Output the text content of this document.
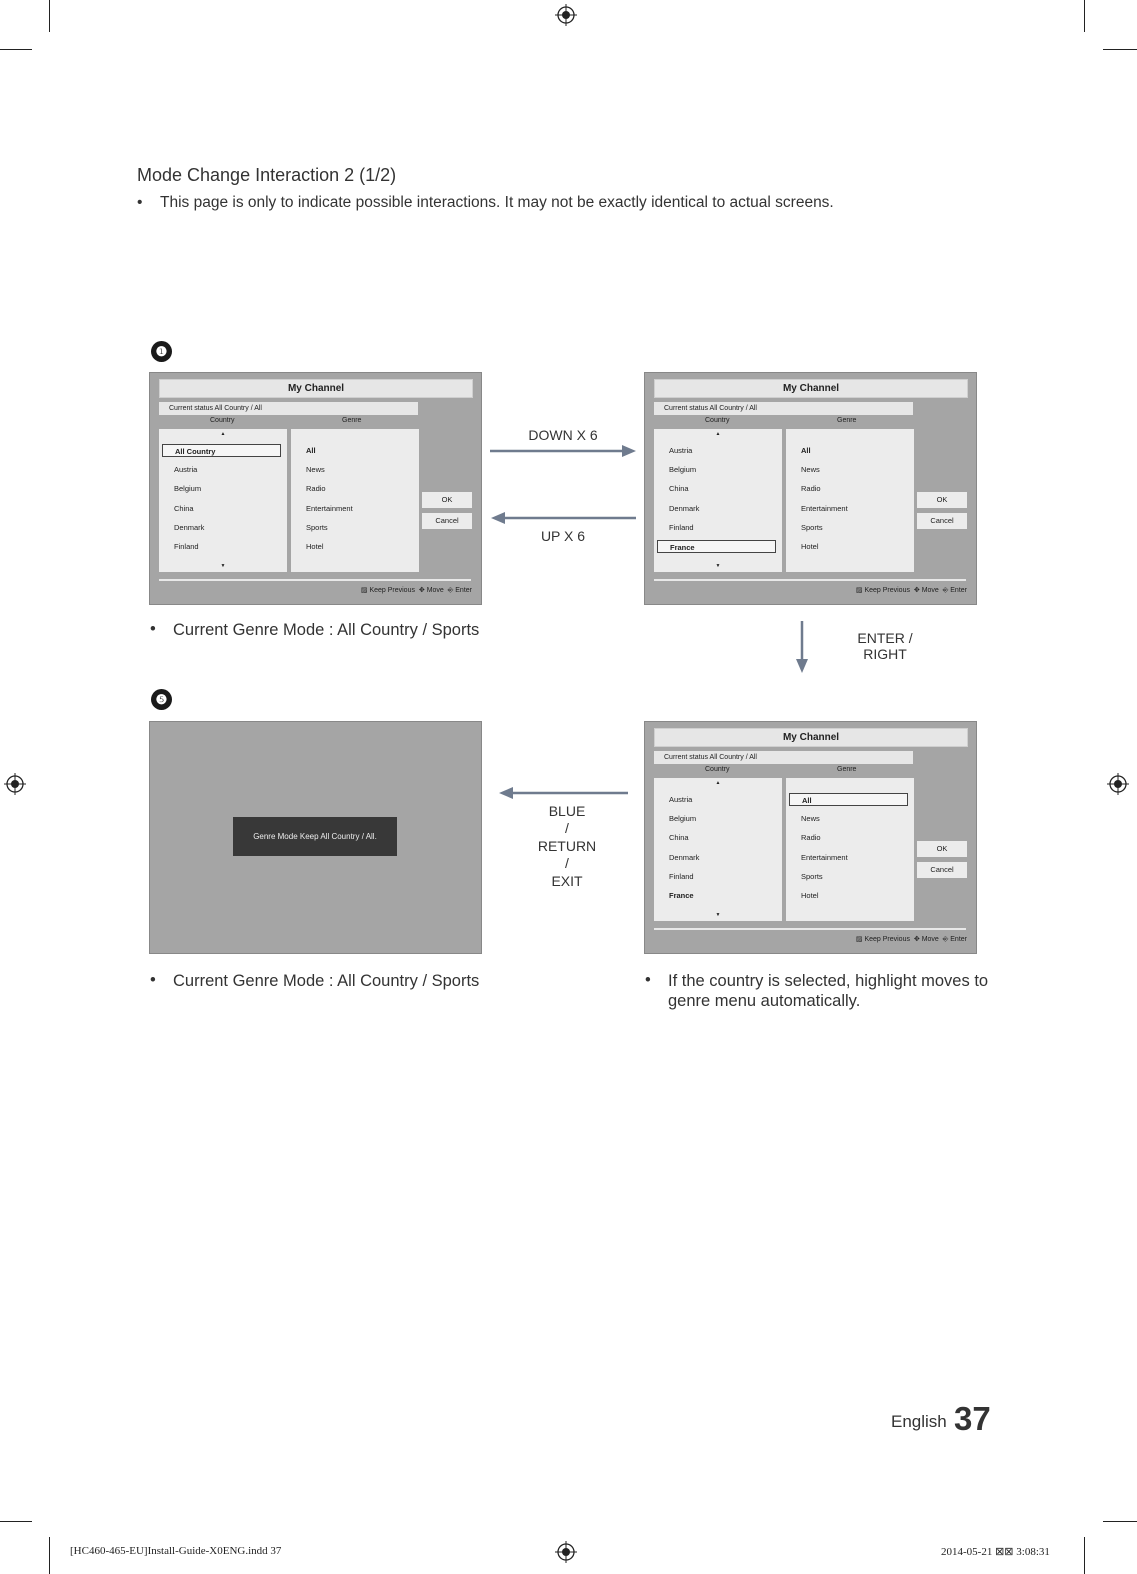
Mode Change Interaction 2 (1/2)
• This page is only to indicate possible interactions. It may not be exactly identical to actual screens.
❶
❺
My Channel
Current status All Country / All
Country	Genre
▲
All Country
Austria
Belgium
China
Denmark
Finland
▼
All
News
Radio
Entertainment
Sports
Hotel
OK
Cancel
▨ Keep Previous ✥ Move ⎆ Enter
My Channel
Current status All Country / All
Country	Genre
▲
Austria
Belgium
China
Denmark
Finland
France
▼
All
News
Radio
Entertainment
Sports
Hotel
OK
Cancel
▨ Keep Previous ✥ Move ⎆ Enter
Genre Mode Keep All Country / All.
My Channel
Current status All Country / All
Country	Genre
▲
Austria
Belgium
China
Denmark
Finland
France
▼
All
News
Radio
Entertainment
Sports
Hotel
OK
Cancel
▨ Keep Previous ✥ Move ⎆ Enter
DOWN X 6
UP X 6
ENTER / RIGHT
BLUE
/
RETURN
/
EXIT
• Current Genre Mode : All Country / Sports
• Current Genre Mode : All Country / Sports	• If the country is selected, highlight moves to
genre menu automatically.
English 37
[HC460-465-EU]Install-Guide-X0ENG.indd 37	2014-05-21 ⊠⊠ 3:08:31
